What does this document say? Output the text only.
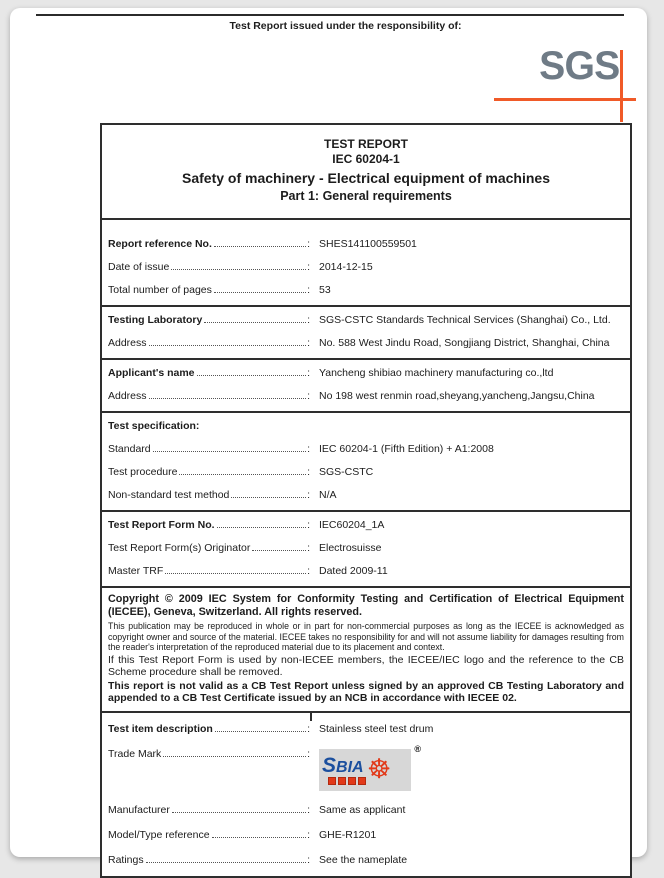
Test Report issued under the responsibility of:
SGS
TEST REPORT
IEC 60204-1
Safety of machinery - Electrical equipment of machines
Part 1: General requirements
Report reference No.	: SHES141100559501
Date of issue	: 2014-12-15
Total number of pages	: 53
Testing Laboratory	: SGS-CSTC Standards Technical Services (Shanghai) Co., Ltd.
Address	: No. 588 West Jindu Road, Songjiang District, Shanghai, China
Applicant's name	: Yancheng shibiao machinery manufacturing co.,ltd
Address	: No 198 west renmin road,sheyang,yancheng,Jangsu,China
Test specification:
Standard	: IEC 60204-1 (Fifth Edition) + A1:2008
Test procedure	: SGS-CSTC
Non-standard test method	: N/A
Test Report Form No.	: IEC60204_1A
Test Report Form(s) Originator	: Electrosuisse
Master TRF	: Dated 2009-11
Copyright © 2009 IEC System for Conformity Testing and Certification of Electrical Equipment (IECEE), Geneva, Switzerland. All rights reserved.
This publication may be reproduced in whole or in part for non-commercial purposes as long as the IECEE is acknowledged as copyright owner and source of the material. IECEE takes no responsibility for and will not assume liability for damages resulting from the reader's interpretation of the reproduced material due to its placement and context.
If this Test Report Form is used by non-IECEE members, the IECEE/IEC logo and the reference to the CB Scheme procedure shall be removed.
This report is not valid as a CB Test Report unless signed by an approved CB Testing Laboratory and appended to a CB Test Certificate issued by an NCB in accordance with IECEE 02.
Test item description	: Stainless steel test drum
Trade Mark	: SBIA ☸
®
Manufacturer	: Same as applicant
Model/Type reference	: GHE-R1201
Ratings	: See the nameplate
